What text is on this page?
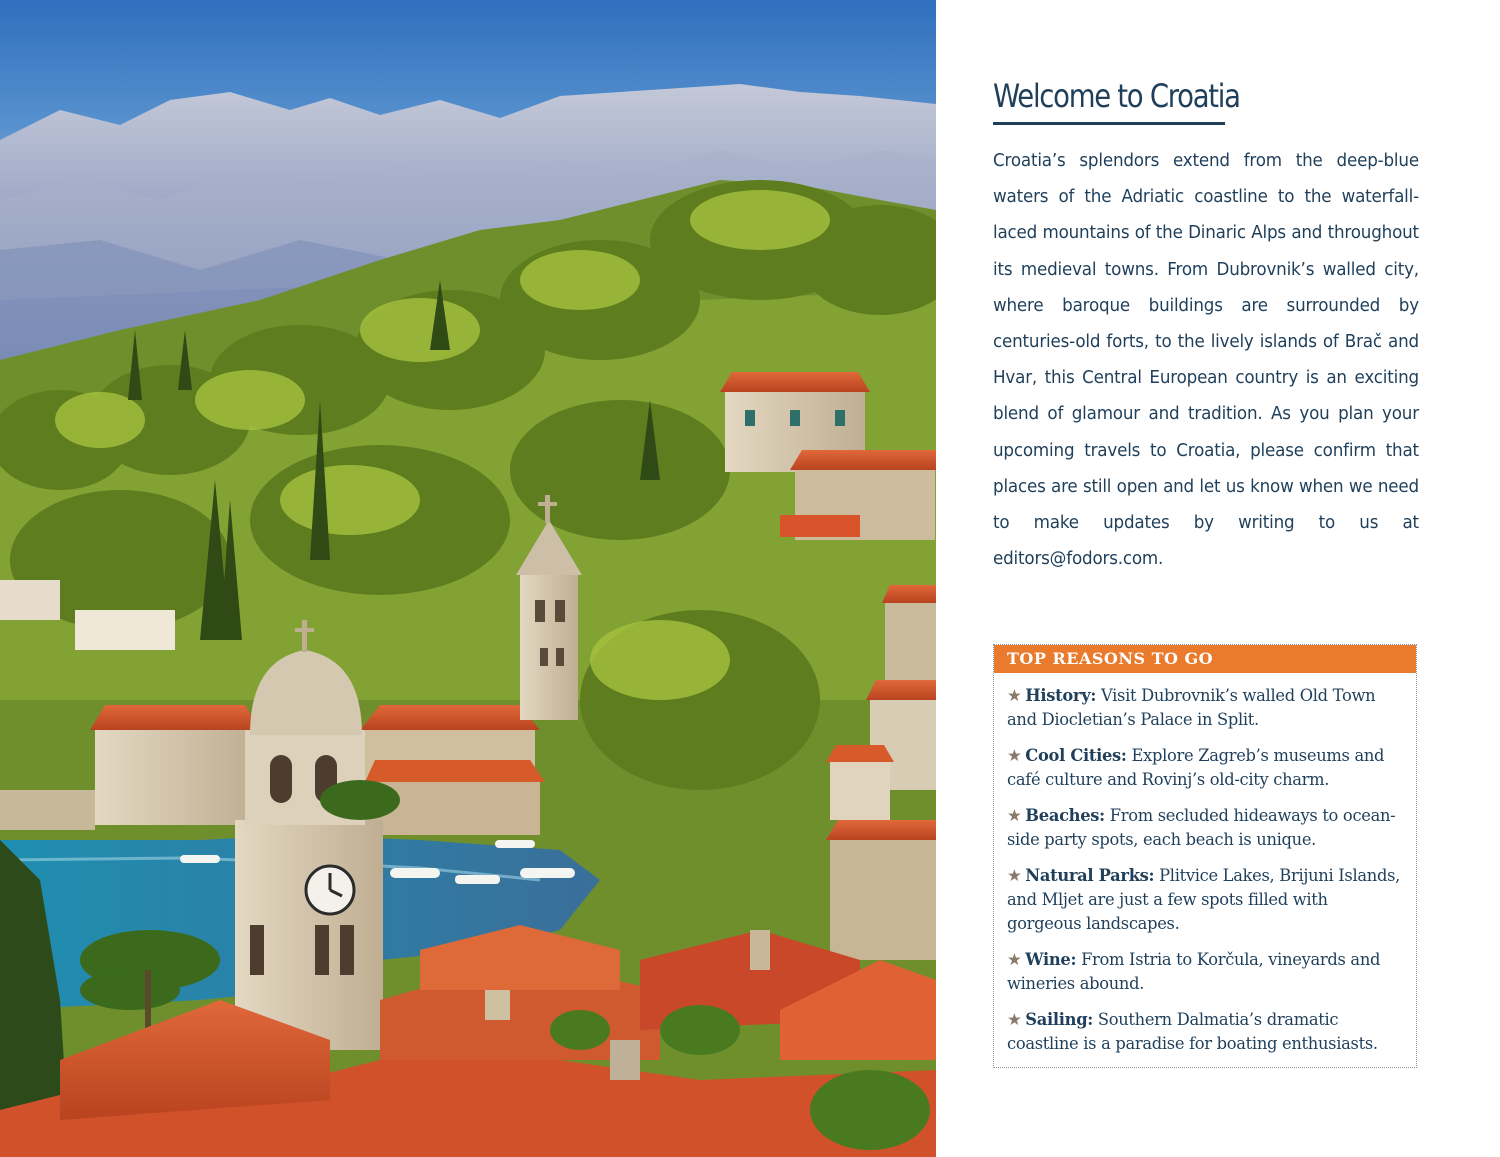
Welcome to Croatia

Croatia’s splendors extend from the deep-blue waters of the Adriatic coastline to the waterfall-laced mountains of the Dinaric Alps and throughout its medieval towns. From Dubrovnik’s walled city, where baroque buildings are surrounded by centuries-old forts, to the lively islands of Brač and Hvar, this Central European country is an exciting blend of glamour and tradition. As you plan your upcoming travels to Croatia, please confirm that places are still open and let us know when we need to make updates by writing to us at editors@fodors.com.

TOP REASONS TO GO
★ History: Visit Dubrovnik’s walled Old Town and Diocletian’s Palace in Split.
★ Cool Cities: Explore Zagreb’s museums and café culture and Rovinj’s old-city charm.
★ Beaches: From secluded hideaways to ocean-side party spots, each beach is unique.
★ Natural Parks: Plitvice Lakes, Brijuni Islands, and Mljet are just a few spots filled with gorgeous landscapes.
★ Wine: From Istria to Korčula, vineyards and wineries abound.
★ Sailing: Southern Dalmatia’s dramatic coastline is a paradise for boating enthusiasts.
